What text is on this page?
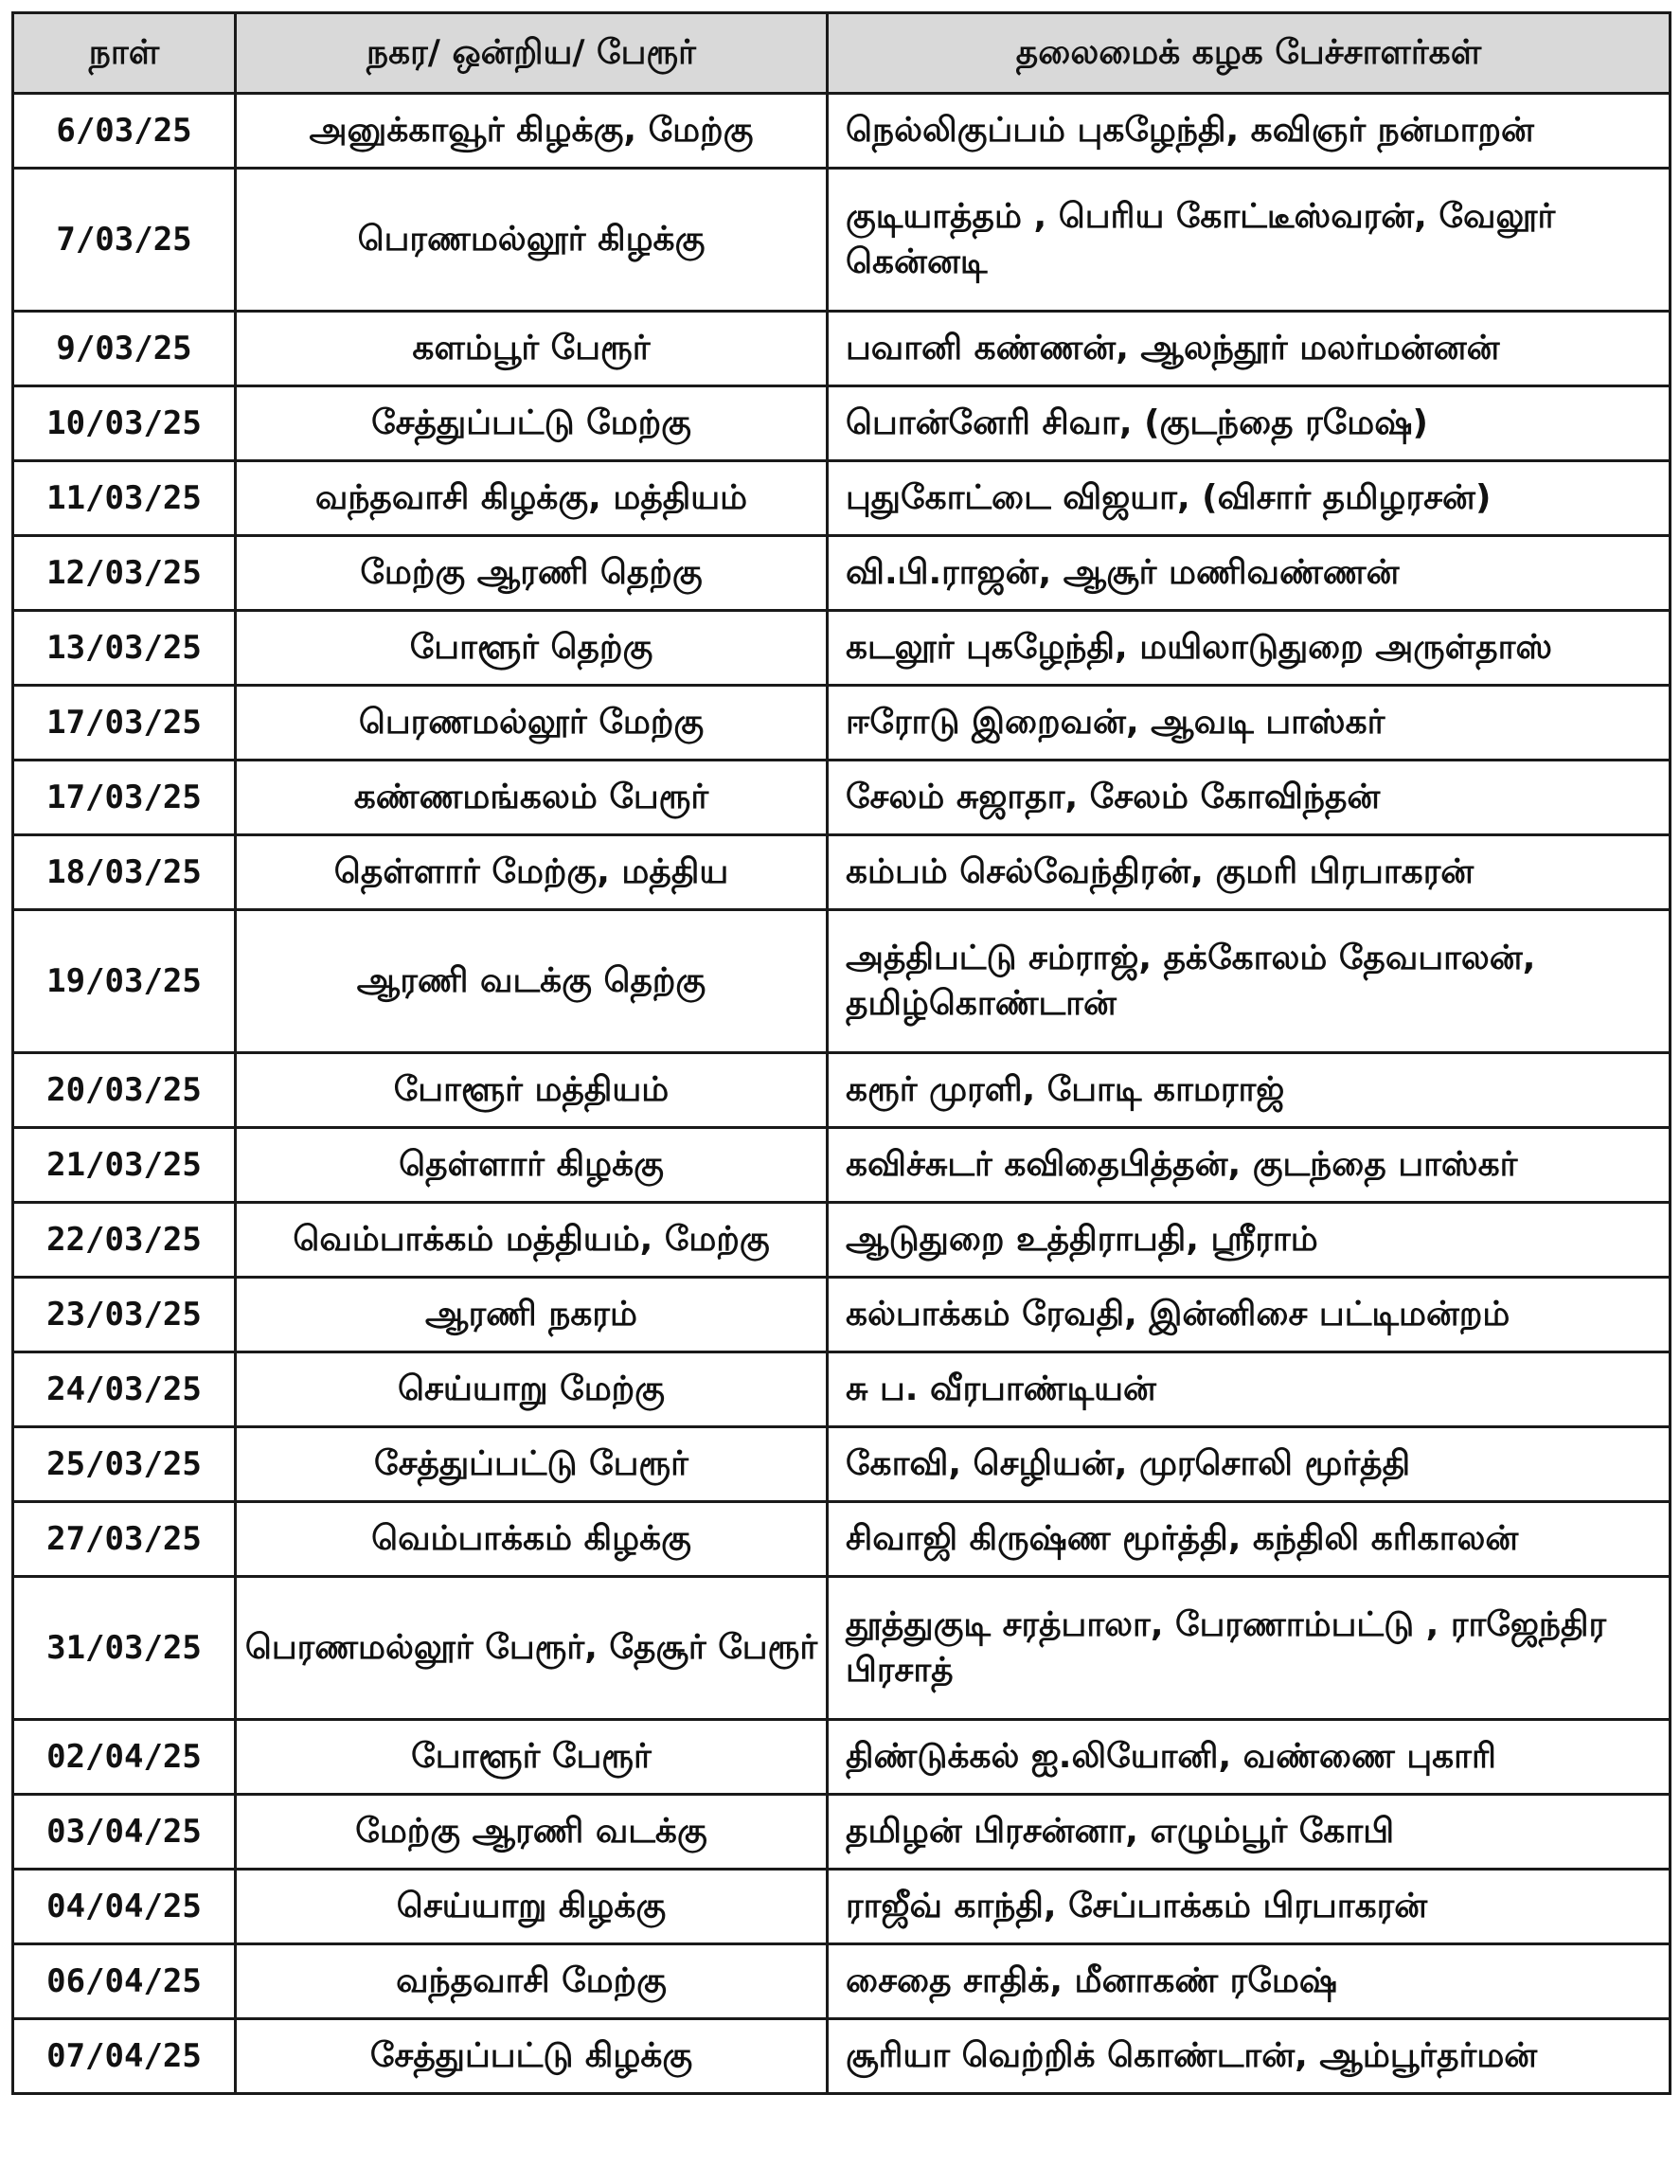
நாள்	நகர/ ஒன்றிய/ பேரூர்	தலைமைக் கழக பேச்சாளர்கள்
6/03/25	அனுக்காவூர் கிழக்கு, மேற்கு	நெல்லிகுப்பம் புகழேந்தி, கவிஞர் நன்மாறன்
7/03/25	பெரணமல்லூர் கிழக்கு	குடியாத்தம் , பெரிய கோட்டீஸ்வரன், வேலூர் கென்னடி
9/03/25	களம்பூர் பேரூர்	பவானி கண்ணன், ஆலந்தூர் மலர்மன்னன்
10/03/25	சேத்துப்பட்டு மேற்கு	பொன்னேரி சிவா, (குடந்தை ரமேஷ்)
11/03/25	வந்தவாசி கிழக்கு, மத்தியம்	புதுகோட்டை விஜயா, (விசார் தமிழரசன்)
12/03/25	மேற்கு ஆரணி தெற்கு	வி.பி.ராஜன், ஆசூர் மணிவண்ணன்
13/03/25	போளூர் தெற்கு	கடலூர் புகழேந்தி, மயிலாடுதுறை அருள்தாஸ்
17/03/25	பெரணமல்லூர் மேற்கு	ஈரோடு இறைவன், ஆவடி பாஸ்கர்
17/03/25	கண்ணமங்கலம் பேரூர்	சேலம் சுஜாதா, சேலம் கோவிந்தன்
18/03/25	தெள்ளார் மேற்கு, மத்திய	கம்பம் செல்வேந்திரன், குமரி பிரபாகரன்
19/03/25	ஆரணி வடக்கு தெற்கு	அத்திபட்டு சம்ராஜ், தக்கோலம் தேவபாலன், தமிழ்கொண்டான்
20/03/25	போளூர் மத்தியம்	கரூர் முரளி, போடி காமராஜ்
21/03/25	தெள்ளார் கிழக்கு	கவிச்சுடர் கவிதைபித்தன், குடந்தை பாஸ்கர்
22/03/25	வெம்பாக்கம் மத்தியம், மேற்கு	ஆடுதுறை உத்திராபதி, ஸ்ரீராம்
23/03/25	ஆரணி நகரம்	கல்பாக்கம் ரேவதி, இன்னிசை பட்டிமன்றம்
24/03/25	செய்யாறு மேற்கு	சு ப. வீரபாண்டியன்
25/03/25	சேத்துப்பட்டு பேரூர்	கோவி, செழியன், முரசொலி மூர்த்தி
27/03/25	வெம்பாக்கம் கிழக்கு	சிவாஜி கிருஷ்ண மூர்த்தி, கந்திலி கரிகாலன்
31/03/25	பெரணமல்லூர் பேரூர், தேசூர் பேரூர்	தூத்துகுடி சரத்பாலா, பேரணாம்பட்டு , ராஜேந்திர பிரசாத்
02/04/25	போளூர் பேரூர்	திண்டுக்கல் ஐ.லியோனி, வண்ணை புகாரி
03/04/25	மேற்கு ஆரணி வடக்கு	தமிழன் பிரசன்னா, எழும்பூர் கோபி
04/04/25	செய்யாறு கிழக்கு	ராஜீவ் காந்தி, சேப்பாக்கம் பிரபாகரன்
06/04/25	வந்தவாசி மேற்கு	சைதை சாதிக், மீனாகண் ரமேஷ்
07/04/25	சேத்துப்பட்டு கிழக்கு	சூரியா வெற்றிக் கொண்டான், ஆம்பூர்தர்மன்
